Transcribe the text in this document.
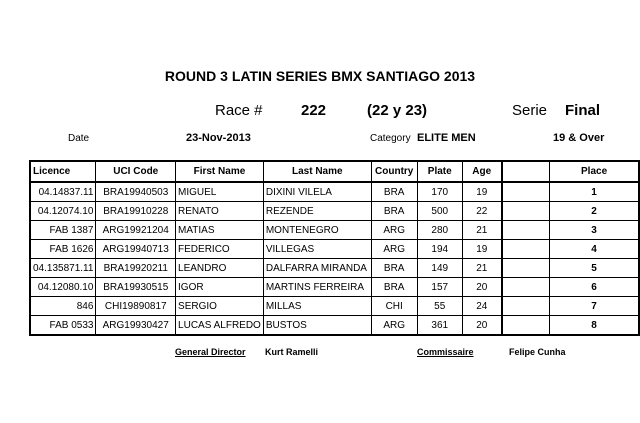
ROUND 3 LATIN SERIES BMX SANTIAGO 2013
Race #	222	(22 y 23)	Serie Final
Date	23-Nov-2013	Category ELITE MEN	19 & Over
Licence	UCI Code	First Name	Last Name	Country	Plate	Age		Place
04.14837.11	BRA19940503	MIGUEL	DIXINI VILELA	BRA	170	19		1
04.12074.10	BRA19910228	RENATO	REZENDE	BRA	500	22		2
FAB 1387	ARG19921204	MATIAS	MONTENEGRO	ARG	280	21		3
FAB 1626	ARG19940713	FEDERICO	VILLEGAS	ARG	194	19		4
04.135871.11	BRA19920211	LEANDRO	DALFARRA MIRANDA	BRA	149	21		5
04.12080.10	BRA19930515	IGOR	MARTINS FERREIRA	BRA	157	20		6
846	CHI19890817	SERGIO	MILLAS	CHI	55	24		7
FAB 0533	ARG19930427	LUCAS ALFREDO	BUSTOS	ARG	361	20		8
General Director Kurt Ramelli	Commissaire	Felipe Cunha
